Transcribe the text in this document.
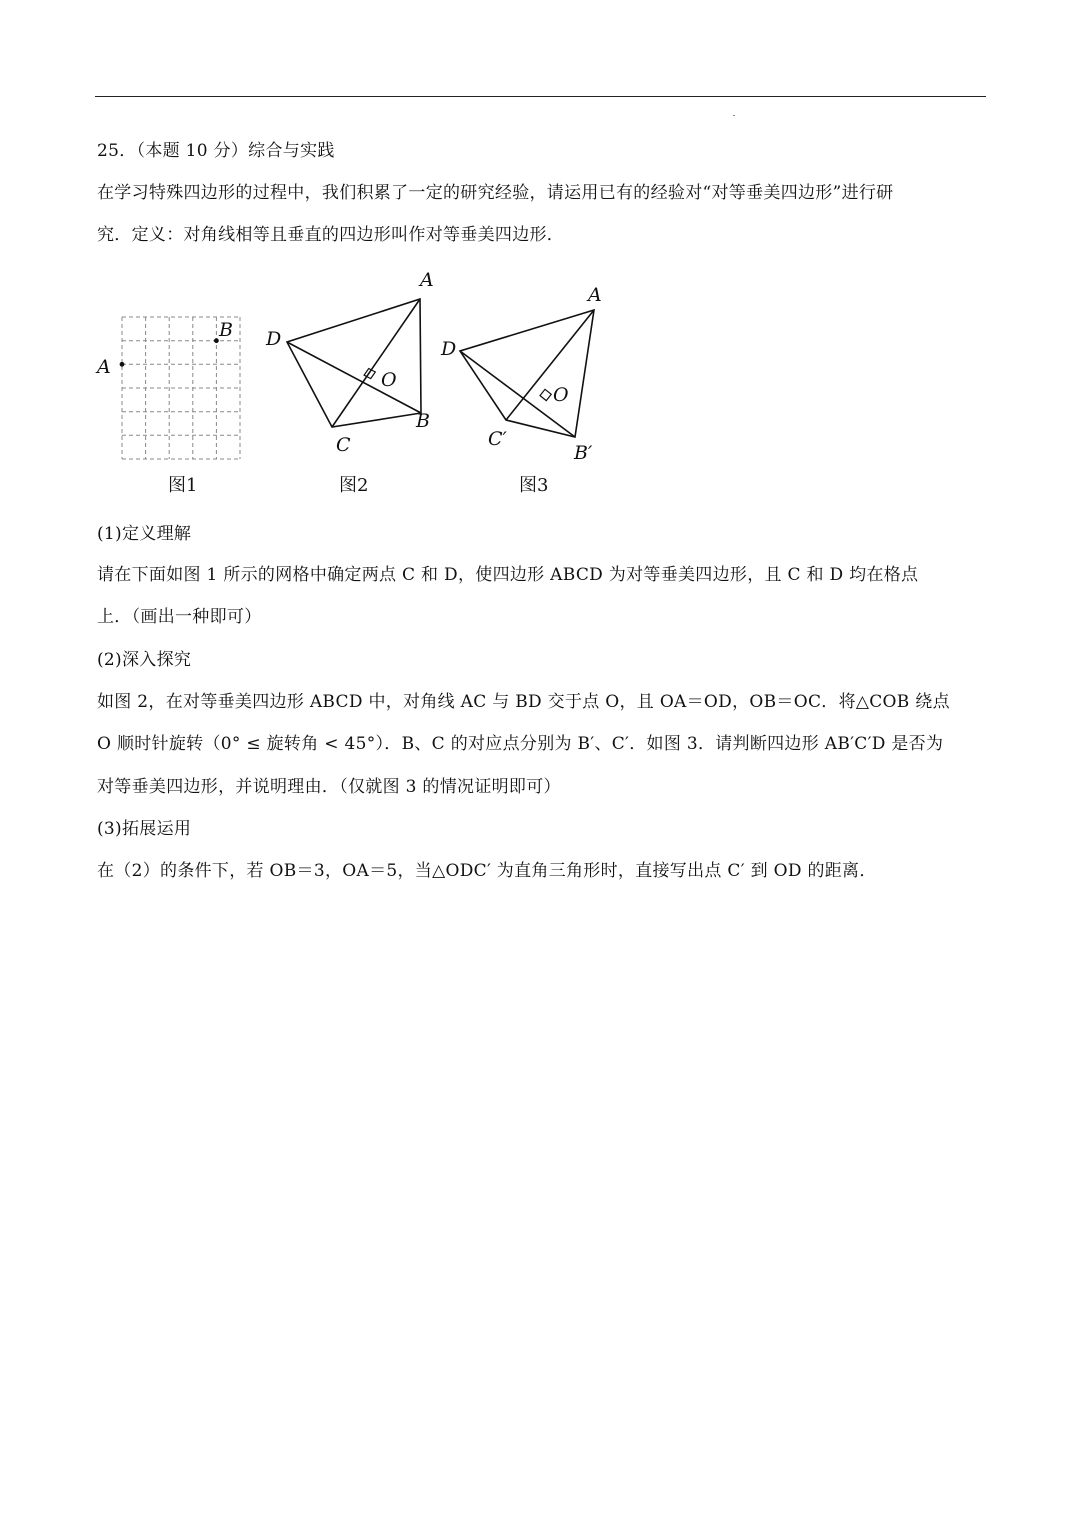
25．（本题 10 分）综合与实践
在学习特殊四边形的过程中，我们积累了一定的研究经验，请运用已有的经验对“对等垂美四边形”进行研
究．定义：对角线相等且垂直的四边形叫作对等垂美四边形．
A
B
图1
A
B
C
D
O
图2
A
B′
C′
D
O
图3
(1)定义理解
请在下面如图 1 所示的网格中确定两点 C 和 D，使四边形 ABCD 为对等垂美四边形，且 C 和 D 均在格点
上．（画出一种即可）
(2)深入探究
如图 2，在对等垂美四边形 ABCD 中，对角线 AC 与 BD 交于点 O，且 OA＝OD，OB＝OC．将△COB 绕点
O 顺时针旋转（0° ≤ 旋转角 < 45°）．B、C 的对应点分别为 B′、C′．如图 3．请判断四边形 AB′C′D 是否为
对等垂美四边形，并说明理由．（仅就图 3 的情况证明即可）
(3)拓展运用
在（2）的条件下，若 OB＝3，OA＝5，当△ODC′ 为直角三角形时，直接写出点 C′ 到 OD 的距离．
